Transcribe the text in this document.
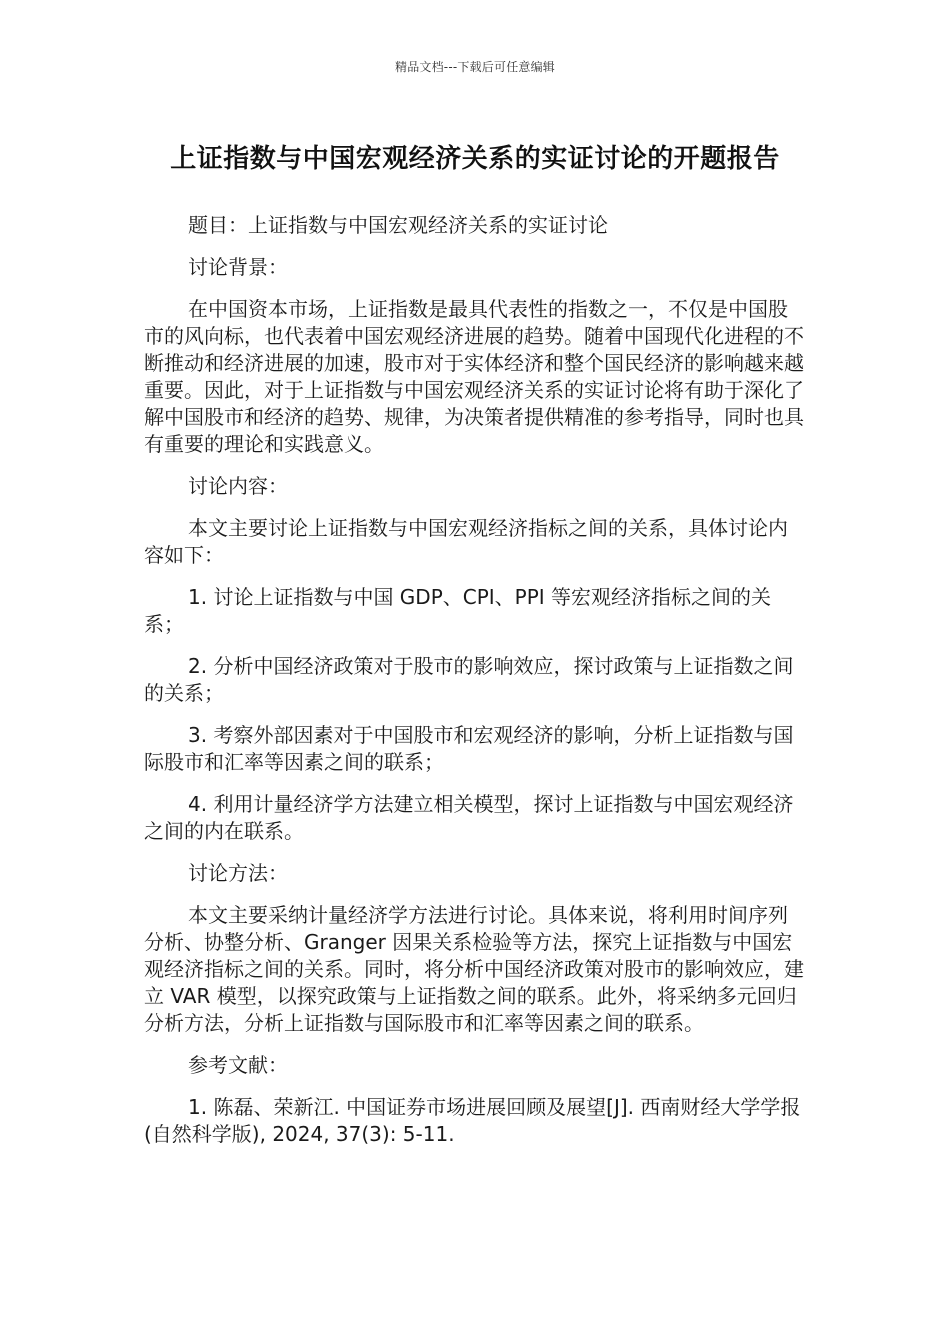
精品文档---下载后可任意编辑
上证指数与中国宏观经济关系的实证讨论的开题报告

题目：上证指数与中国宏观经济关系的实证讨论

讨论背景：

在中国资本市场，上证指数是最具代表性的指数之一，不仅是中国股市的风向标，也代表着中国宏观经济进展的趋势。随着中国现代化进程的不断推动和经济进展的加速，股市对于实体经济和整个国民经济的影响越来越重要。因此，对于上证指数与中国宏观经济关系的实证讨论将有助于深化了解中国股市和经济的趋势、规律，为决策者提供精准的参考指导，同时也具有重要的理论和实践意义。

讨论内容：

本文主要讨论上证指数与中国宏观经济指标之间的关系，具体讨论内容如下：

1. 讨论上证指数与中国 GDP、CPI、PPI 等宏观经济指标之间的关系；

2. 分析中国经济政策对于股市的影响效应，探讨政策与上证指数之间的关系；

3. 考察外部因素对于中国股市和宏观经济的影响，分析上证指数与国际股市和汇率等因素之间的联系；

4. 利用计量经济学方法建立相关模型，探讨上证指数与中国宏观经济之间的内在联系。

讨论方法：

本文主要采纳计量经济学方法进行讨论。具体来说，将利用时间序列分析、协整分析、Granger 因果关系检验等方法，探究上证指数与中国宏观经济指标之间的关系。同时，将分析中国经济政策对股市的影响效应，建立 VAR 模型，以探究政策与上证指数之间的联系。此外，将采纳多元回归分析方法，分析上证指数与国际股市和汇率等因素之间的联系。

参考文献：

1. 陈磊、荣新江. 中国证券市场进展回顾及展望[J]. 西南财经大学学报(自然科学版), 2024, 37(3): 5-11.
